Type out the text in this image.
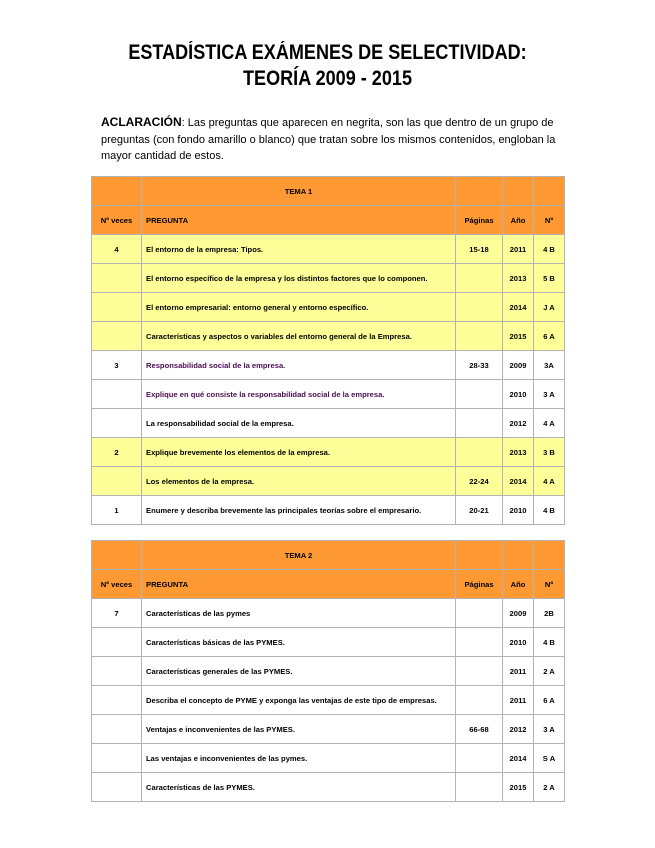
ESTADÍSTICA EXÁMENES DE SELECTIVIDAD:
TEORÍA 2009 - 2015
ACLARACIÓN: Las preguntas que aparecen en negrita, son las que dentro de un grupo de preguntas (con fondo amarillo o blanco) que tratan sobre los mismos contenidos, engloban la mayor cantidad de estos.
	TEMA 1			
Nº veces	PREGUNTA	Páginas	Año	Nº
4	El entorno de la empresa: Tipos.	15-18	2011	4 B
	El entorno específico de la empresa y los distintos factores que lo componen.		2013	5 B
	El entorno empresarial: entorno general y entorno específico.		2014	J A
	Características y aspectos o variables del entorno general de la Empresa.		2015	6 A
3	Responsabilidad social de la empresa.	28-33	2009	3A
	Explique en qué consiste la responsabilidad social de la empresa.		2010	3 A
	La responsabilidad social de la empresa.		2012	4 A
2	Explique brevemente los elementos de la empresa.		2013	3 B
	Los elementos de la empresa.	22-24	2014	4 A
1	Enumere y describa brevemente las principales teorías sobre el empresario.	20-21	2010	4 B
	TEMA 2			
Nº veces	PREGUNTA	Páginas	Año	Nº
7	Características de las pymes		2009	2B
	Características básicas de las PYMES.		2010	4 B
	Características generales de las PYMES.		2011	2 A
	Describa el concepto de PYME y exponga las ventajas de este tipo de empresas.		2011	6 A
	Ventajas e inconvenientes de las PYMES.	66-68	2012	3 A
	Las ventajas e inconvenientes de las pymes.		2014	S A
	Características de las PYMES.		2015	2 A
